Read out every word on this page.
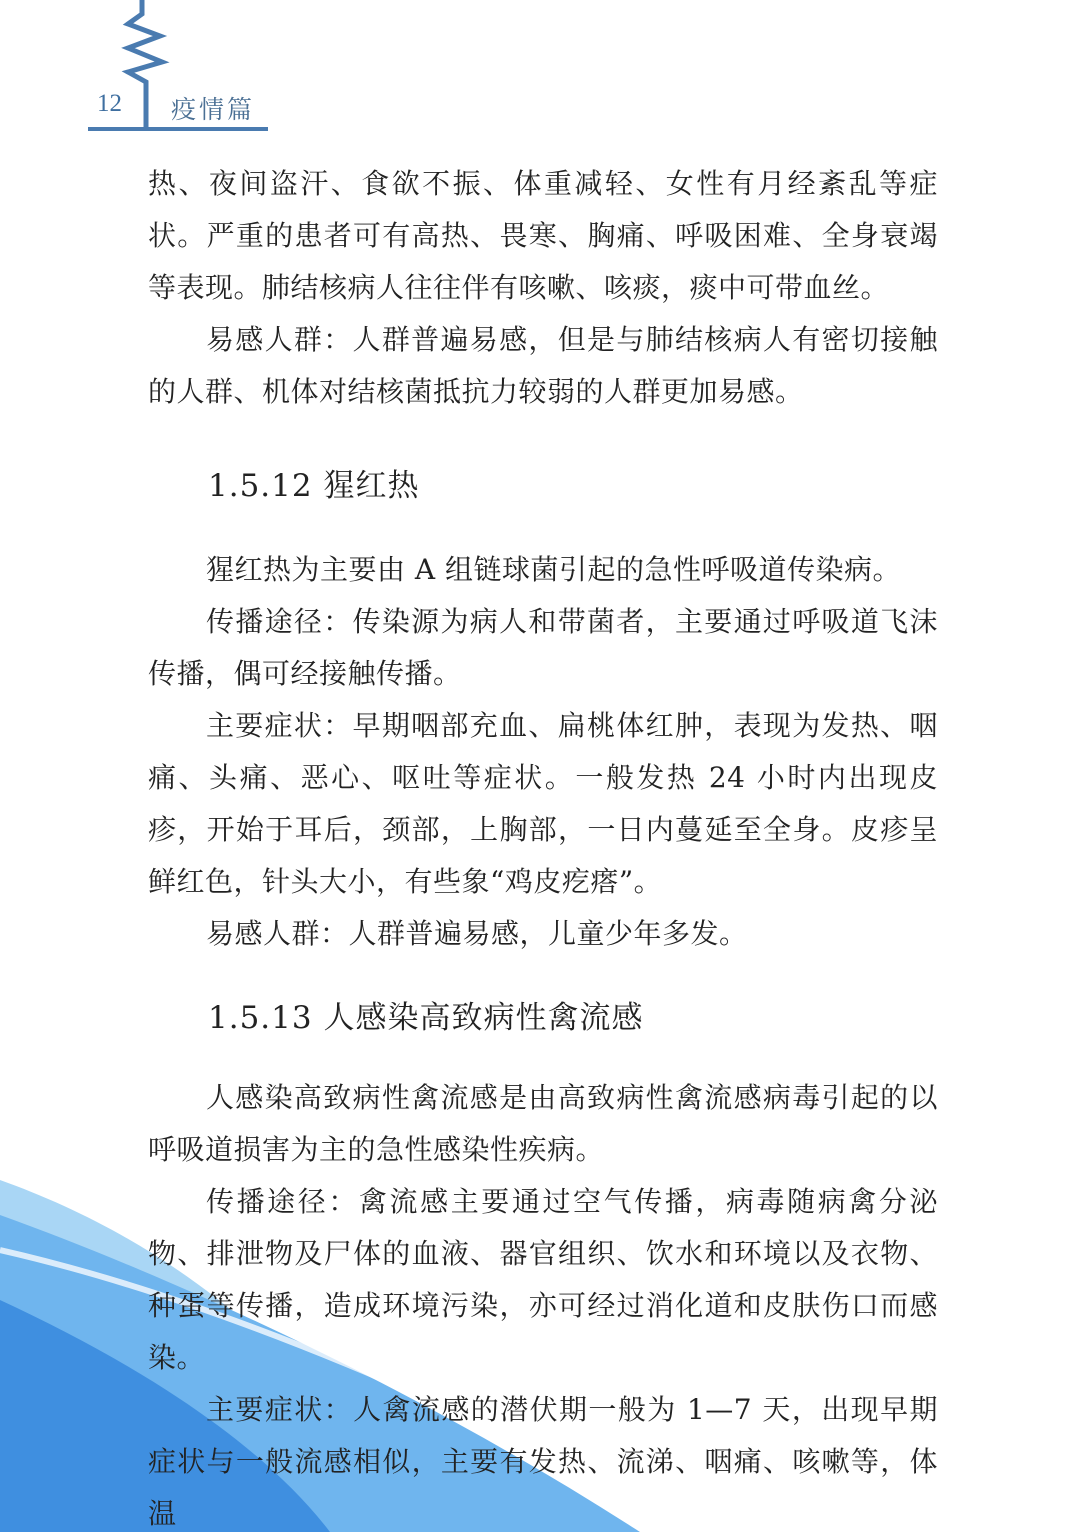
12 疫情篇

热、夜间盗汗、食欲不振、体重减轻、女性有月经紊乱等症状。严重的患者可有高热、畏寒、胸痛、呼吸困难、全身衰竭等表现。肺结核病人往往伴有咳嗽、咳痰，痰中可带血丝。

易感人群：人群普遍易感，但是与肺结核病人有密切接触的人群、机体对结核菌抵抗力较弱的人群更加易感。

1.5.12 猩红热

猩红热为主要由 A 组链球菌引起的急性呼吸道传染病。

传播途径：传染源为病人和带菌者，主要通过呼吸道飞沫传播，偶可经接触传播。

主要症状：早期咽部充血、扁桃体红肿，表现为发热、咽痛、头痛、恶心、呕吐等症状。一般发热 24 小时内出现皮疹，开始于耳后，颈部，上胸部，一日内蔓延至全身。皮疹呈鲜红色，针头大小，有些象“鸡皮疙瘩”。

易感人群：人群普遍易感，儿童少年多发。

1.5.13 人感染高致病性禽流感

人感染高致病性禽流感是由高致病性禽流感病毒引起的以呼吸道损害为主的急性感染性疾病。

传播途径：禽流感主要通过空气传播，病毒随病禽分泌物、排泄物及尸体的血液、器官组织、饮水和环境以及衣物、种蛋等传播，造成环境污染，亦可经过消化道和皮肤伤口而感染。

主要症状：人禽流感的潜伏期一般为 1—7 天，出现早期症状与一般流感相似，主要有发热、流涕、咽痛、咳嗽等，体温
